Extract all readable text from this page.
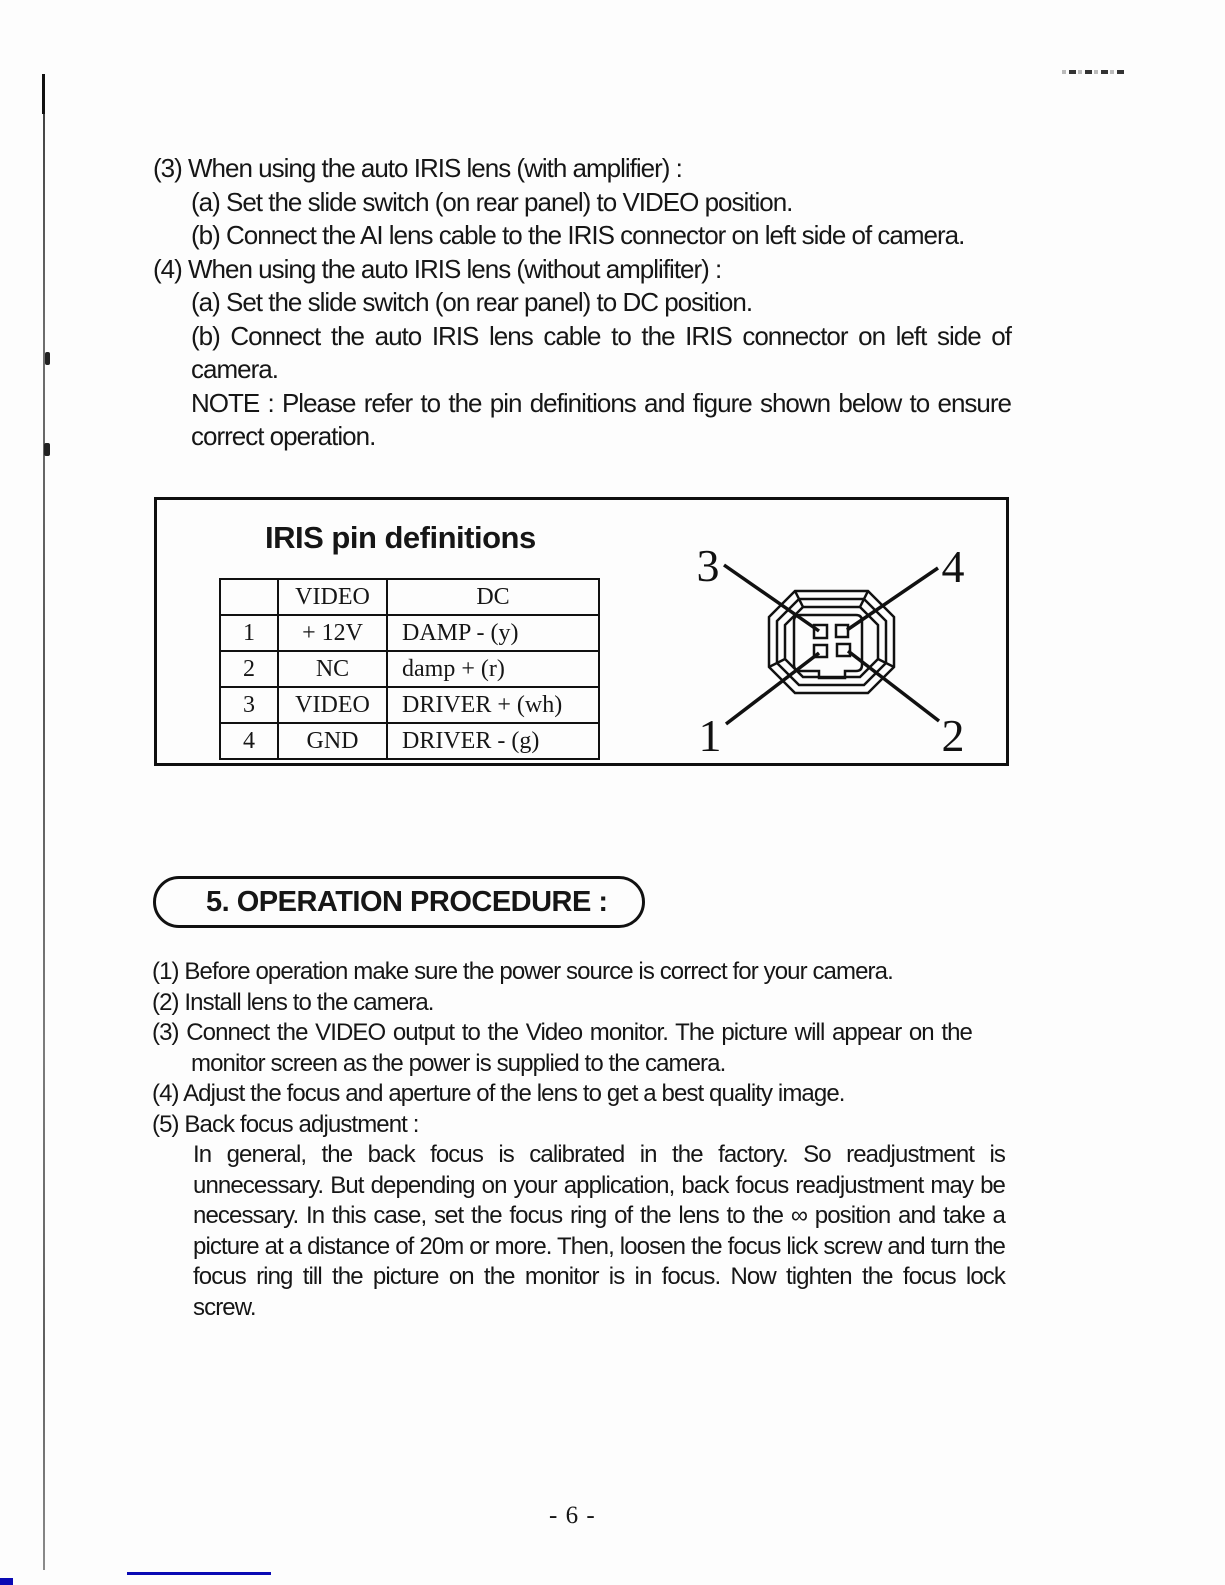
(3) When using the auto IRIS lens (with amplifier) :
(a) Set the slide switch (on rear panel) to VIDEO position.
(b) Connect the AI lens cable to the IRIS connector on left side of camera.
(4) When using the auto IRIS lens (without amplifiter) :
(a) Set the slide switch (on rear panel) to DC position.
(b) Connect the auto IRIS lens cable to the IRIS connector on left side of camera.
NOTE : Please refer to the pin definitions and figure shown below to ensure correct operation.
IRIS pin definitions
	VIDEO	DC
1	+ 12V	DAMP - (y)
2	NC	damp + (r)
3	VIDEO	DRIVER + (wh)
4	GND	DRIVER - (g)
3	4
1	2
5. OPERATION PROCEDURE :
(1) Before operation make sure the power source is correct for your camera.
(2) Install lens to the camera.
(3) Connect the VIDEO output to the Video monitor. The picture will appear on the monitor screen as the power is supplied to the camera.
(4) Adjust the focus and aperture of the lens to get a best quality image.
(5) Back focus adjustment :
In general, the back focus is calibrated in the factory. So readjustment is unnecessary. But depending on your application, back focus readjustment may be necessary. In this case, set the focus ring of the lens to the ∞ position and take a picture at a distance of 20m or more. Then, loosen the focus lick screw and turn the focus ring till the picture on the monitor is in focus. Now tighten the focus lock screw.
- 6 -
